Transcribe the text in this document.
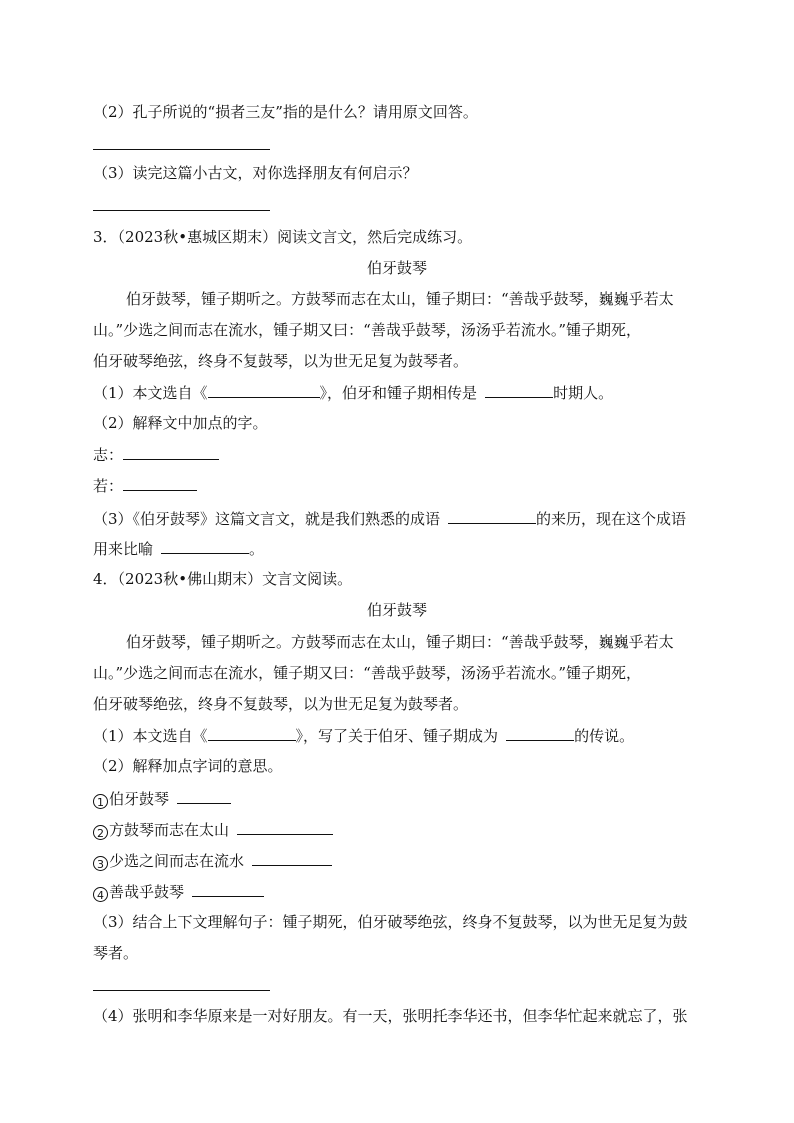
（2）孔子所说的“损者三友”指的是什么？请用原文回答。
（3）读完这篇小古文，对你选择朋友有何启示？
3．（2023秋•惠城区期末）阅读文言文，然后完成练习。
伯牙鼓琴
伯牙鼓琴，锺子期听之。方鼓琴而志在太山，锺子期曰：“善哉乎鼓琴，巍巍乎若太
山。”少选之间而志在流水，锺子期又曰：“善哉乎鼓琴，汤汤乎若流水。”锺子期死，
伯牙破琴绝弦，终身不复鼓琴，以为世无足复为鼓琴者。
（1）本文选自《	》，伯牙和锺子期相传是	时期人。
（2）解释文中加点的字。
志：
若：
（3）《伯牙鼓琴》这篇文言文，就是我们熟悉的成语	的来历，现在这个成语
用来比喻	。
4．（2023秋•佛山期末）文言文阅读。
伯牙鼓琴
伯牙鼓琴，锺子期听之。方鼓琴而志在太山，锺子期曰：“善哉乎鼓琴，巍巍乎若太
山。”少选之间而志在流水，锺子期又曰：“善哉乎鼓琴，汤汤乎若流水。”锺子期死，
伯牙破琴绝弦，终身不复鼓琴，以为世无足复为鼓琴者。
（1）本文选自《	》，写了关于伯牙、锺子期成为	的传说。
（2）解释加点字词的意思。
1 伯牙鼓琴
2 方鼓琴而志在太山
3 少选之间而志在流水
4 善哉乎鼓琴
（3）结合上下文理解句子：锺子期死，伯牙破琴绝弦，终身不复鼓琴，以为世无足复为鼓
琴者。
（4）张明和李华原来是一对好朋友。有一天，张明托李华还书，但李华忙起来就忘了，张
